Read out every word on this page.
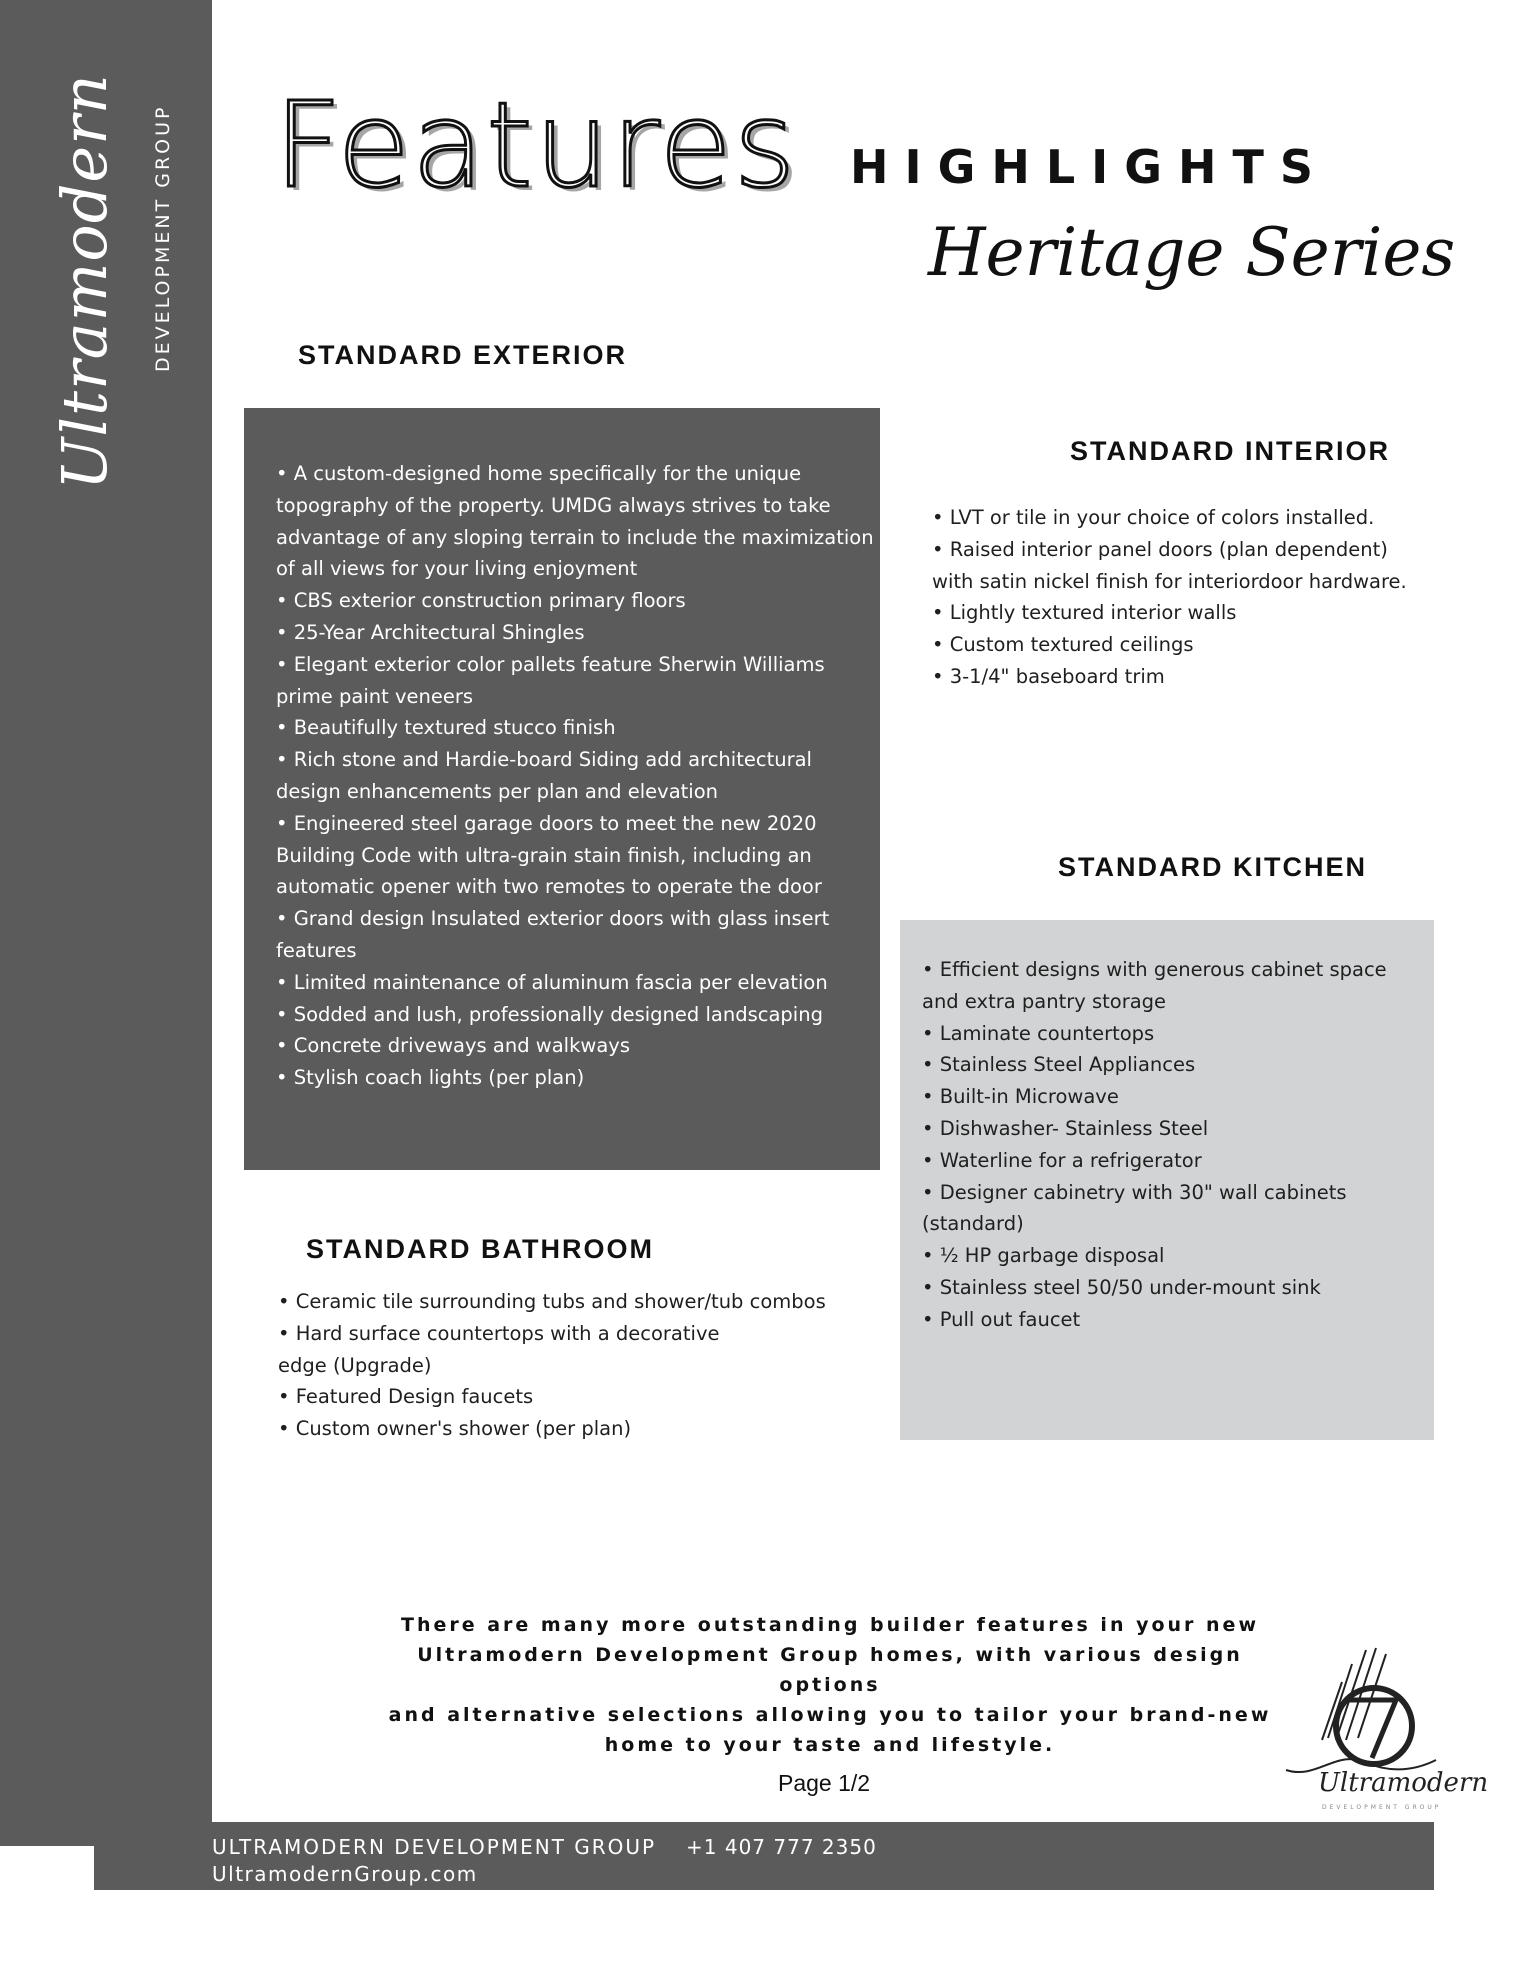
Ultramodern	DEVELOPMENT GROUP Features HIGHLIGHTS
Heritage Series
STANDARD EXTERIOR
• A custom-designed home specifically for the unique
topography of the property. UMDG always strives to take
advantage of any sloping terrain to include the maximization
of all views for your living enjoyment
• CBS exterior construction primary floors
• 25-Year Architectural Shingles
• Elegant exterior color pallets feature Sherwin Williams
prime paint veneers
• Beautifully textured stucco finish
• Rich stone and Hardie-board Siding add architectural
design enhancements per plan and elevation
• Engineered steel garage doors to meet the new 2020
Building Code with ultra-grain stain finish, including an
automatic opener with two remotes to operate the door
• Grand design Insulated exterior doors with glass insert
features
• Limited maintenance of aluminum fascia per elevation
• Sodded and lush, professionally designed landscaping
• Concrete driveways and walkways
• Stylish coach lights (per plan)
STANDARD INTERIOR
• LVT or tile in your choice of colors installed.
• Raised interior panel doors (plan dependent)
with satin nickel finish for interiordoor hardware.
• Lightly textured interior walls
• Custom textured ceilings
• 3-1/4" baseboard trim
STANDARD KITCHEN
• Efficient designs with generous cabinet space
and extra pantry storage
• Laminate countertops
• Stainless Steel Appliances
• Built-in Microwave
• Dishwasher- Stainless Steel
• Waterline for a refrigerator
• Designer cabinetry with 30" wall cabinets
(standard)
• ½ HP garbage disposal
• Stainless steel 50/50 under-mount sink
• Pull out faucet
STANDARD BATHROOM
• Ceramic tile surrounding tubs and shower/tub combos
• Hard surface countertops with a decorative
edge (Upgrade)
• Featured Design faucets
• Custom owner's shower (per plan)
There are many more outstanding builder features in your new
Ultramodern Development Group homes, with various design options
and alternative selections allowing you to tailor your brand-new
home to your taste and lifestyle.
Page 1/2	Ultramodern
DEVELOPMENT GROUP
ULTRAMODERN DEVELOPMENT GROUP +1 407 777 2350
UltramodernGroup.com
